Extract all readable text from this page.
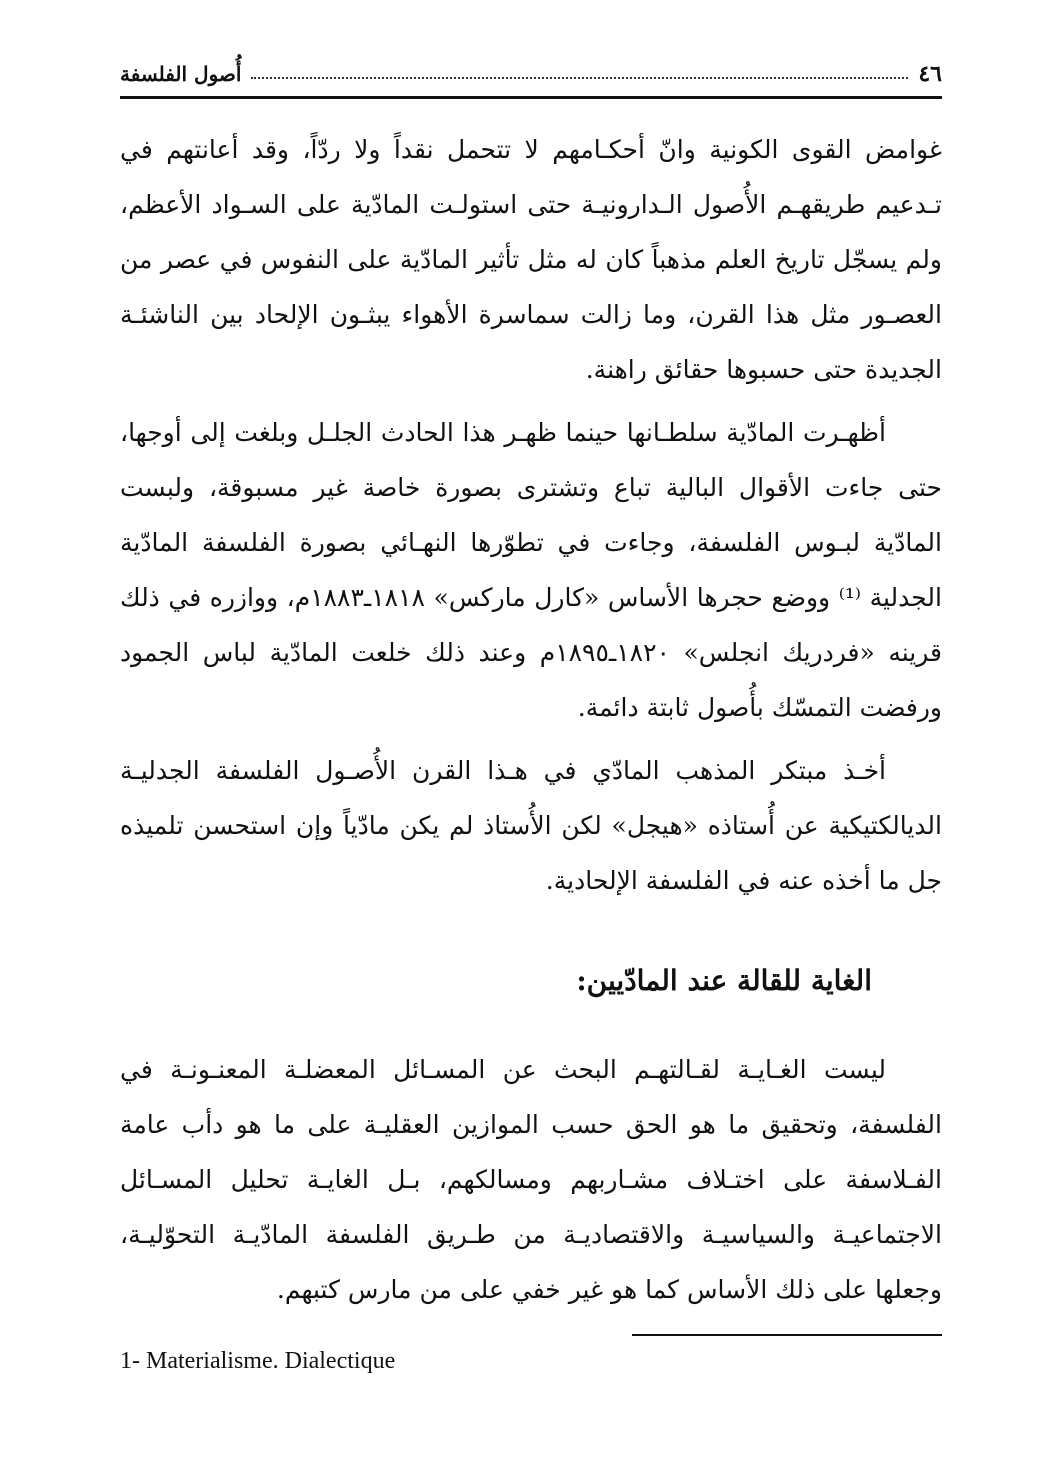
٤٦
أُصول الفلسفة

غوامض القوى الكونية وانّ أحكـامهم لا تتحمل نقداً ولا ردّاً، وقد أعانتهم في تـدعيم طريقهـم الأُصول الـدارونيـة حتى استولـت المادّية على السـواد الأعظم، ولم يسجّل تاريخ العلم مذهباً كان له مثل تأثير المادّية على النفوس في عصر من العصـور مثل هذا القرن، وما زالت سماسرة الأهواء يبثـون الإلحاد بين الناشئـة الجديدة حتى حسبوها حقائق راهنة.

أظهـرت المادّية سلطـانها حينما ظهـر هذا الحادث الجلـل وبلغت إلى أوجها، حتى جاءت الأقوال البالية تباع وتشترى بصورة خاصة غير مسبوقة، ولبست المادّية لبـوس الفلسفة، وجاءت في تطوّرها النهـائي بصورة الفلسفة المادّية الجدلية ⁽¹⁾ ووضع حجرها الأساس «كارل ماركس» ١٨١٨ـ١٨٨٣م، ووازره في ذلك قرينه «فردريك انجلس» ١٨٢٠ـ١٨٩٥م وعند ذلك خلعت المادّية لباس الجمود ورفضت التمسّك بأُصول ثابتة دائمة.

أخـذ مبتكر المذهب المادّي في هـذا القرن الأُصـول الفلسفة الجدليـة الديالكتيكية عن أُستاذه «هيجل» لكن الأُستاذ لم يكن مادّياً وإن استحسن تلميذه جل ما أخذه عنه في الفلسفة الإلحادية.

الغاية للقالة عند المادّيين:

ليست الغـايـة لقـالتهـم البحث عن المسـائل المعضلـة المعنـونـة في الفلسفة، وتحقيق ما هو الحق حسب الموازين العقليـة على ما هو دأب عامة الفـلاسفة على اختـلاف مشـاربهم ومسالكهم، بـل الغايـة تحليل المسـائل الاجتماعيـة والسياسيـة والاقتصاديـة من طـريق الفلسفة المادّيـة التحوّليـة، وجعلها على ذلك الأساس كما هو غير خفي على من مارس كتبهم.

1- Materialisme. Dialectique
